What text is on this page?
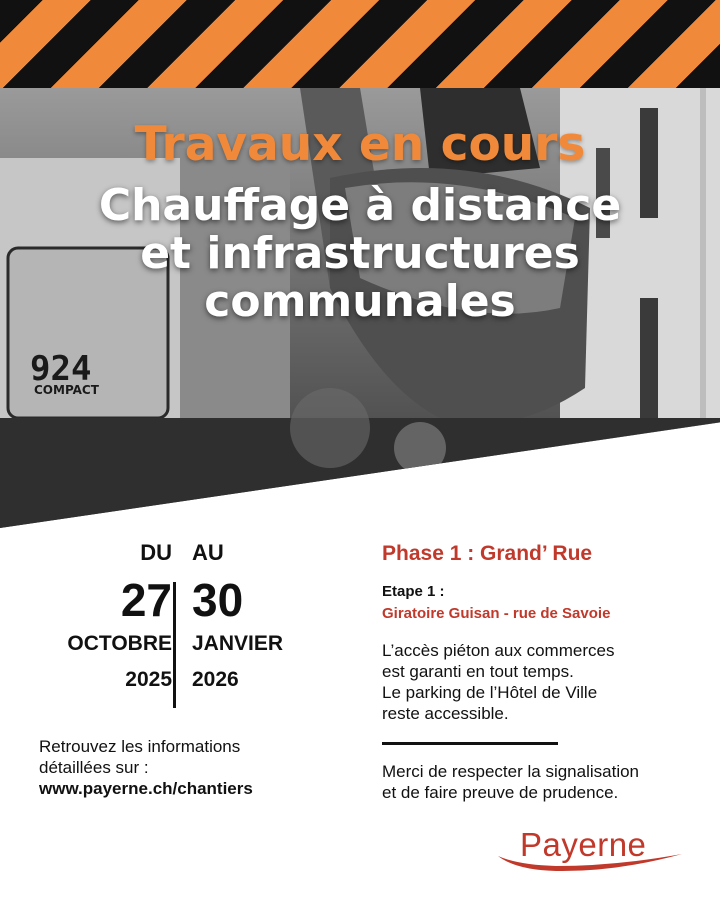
924
COMPACT
Travaux en cours
Chauffage à distance
et infrastructures
communales
DU
27
OCTOBRE
2025
AU
30
JANVIER
2026
Retrouvez les informations
détaillées sur :
www.payerne.ch/chantiers
Phase 1 : Grand’ Rue
Etape 1 :
Giratoire Guisan - rue de Savoie
L’accès piéton aux commerces
est garanti en tout temps.
Le parking de l’Hôtel de Ville
reste accessible.
Merci de respecter la signalisation
et de faire preuve de prudence.
Payerne
